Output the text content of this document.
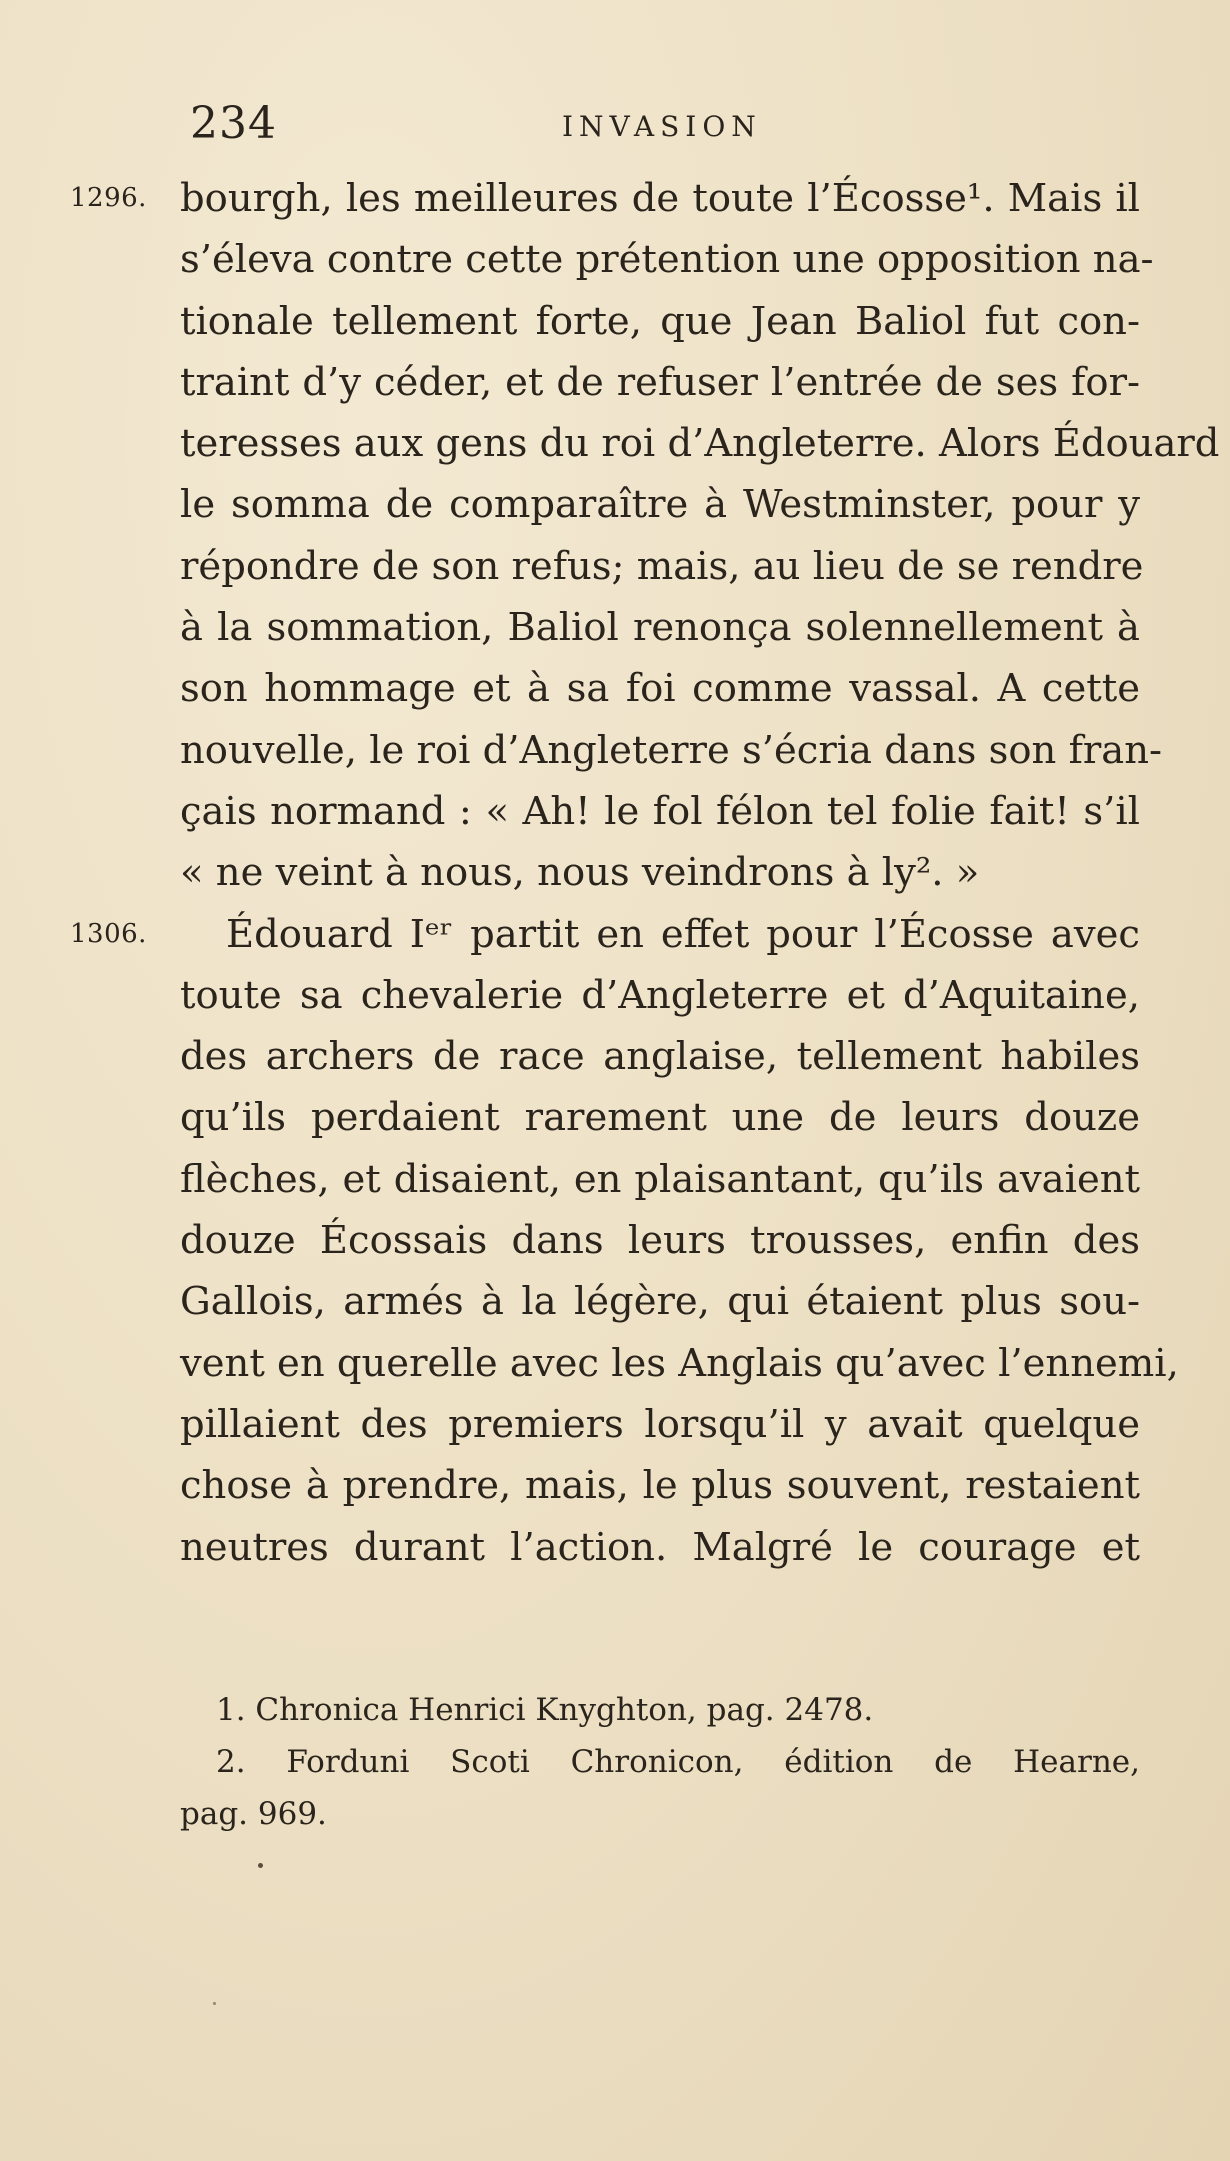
234	INVASION
1296. bourgh, les meilleures de toute l’Écosse¹. Mais il
s’éleva contre cette prétention une opposition na-
tionale tellement forte, que Jean Baliol fut con-
traint d’y céder, et de refuser l’entrée de ses for-
teresses aux gens du roi d’Angleterre. Alors Édouard
le somma de comparaître à Westminster, pour y
répondre de son refus; mais, au lieu de se rendre
à la sommation, Baliol renonça solennellement à
son hommage et à sa foi comme vassal. A cette
nouvelle, le roi d’Angleterre s’écria dans son fran-
çais normand : « Ah! le fol félon tel folie fait! s’il
« ne veint à nous, nous veindrons à ly². »
1306. Édouard Iᵉʳ partit en effet pour l’Écosse avec
toute sa chevalerie d’Angleterre et d’Aquitaine,
des archers de race anglaise, tellement habiles
qu’ils perdaient rarement une de leurs douze
flèches, et disaient, en plaisantant, qu’ils avaient
douze Écossais dans leurs trousses, enfin des
Gallois, armés à la légère, qui étaient plus sou-
vent en querelle avec les Anglais qu’avec l’ennemi,
pillaient des premiers lorsqu’il y avait quelque
chose à prendre, mais, le plus souvent, restaient
neutres durant l’action. Malgré le courage et
1. Chronica Henrici Knyghton, pag. 2478.
2. Forduni Scoti Chronicon, édition de Hearne,
pag. 969.
